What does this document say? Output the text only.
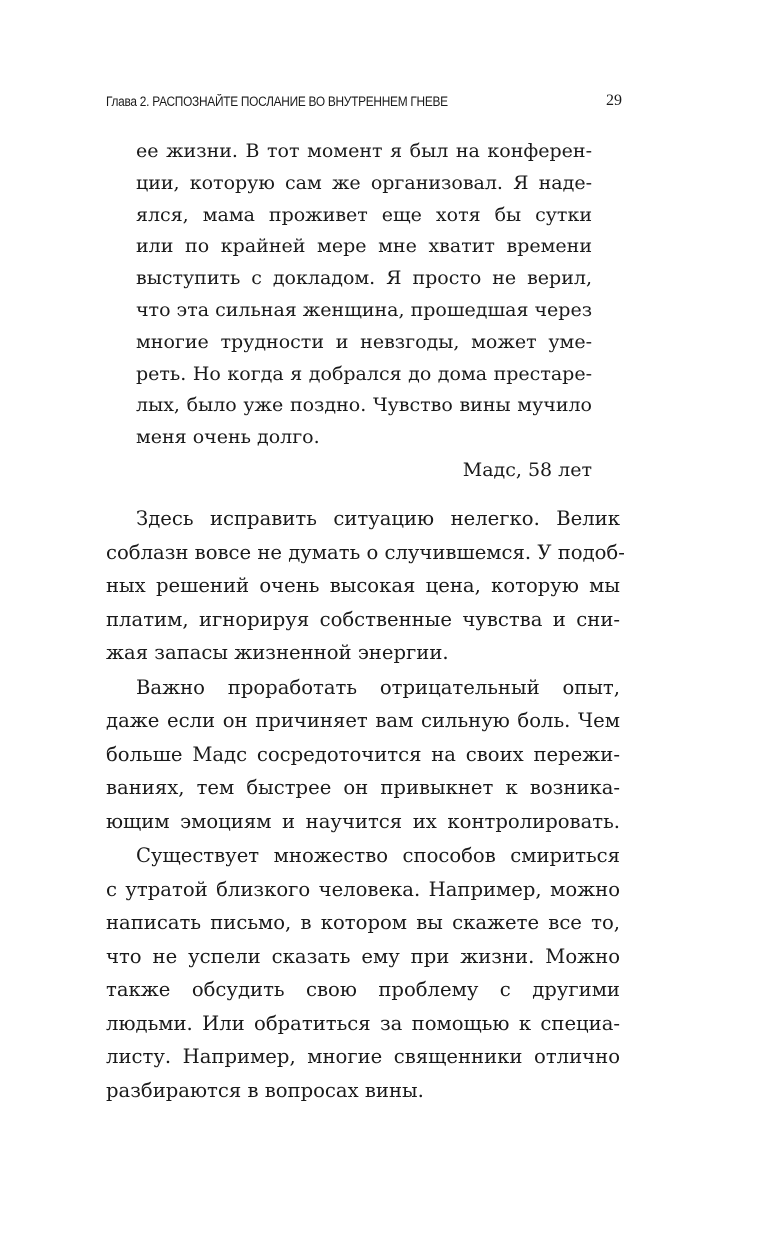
Глава 2. РАСПОЗНАЙТЕ ПОСЛАНИЕ ВО ВНУТРЕННЕМ ГНЕВЕ	29
ее жизни. В тот момент я был на конферен-
ции, которую сам же организовал. Я наде-
ялся, мама проживет еще хотя бы сутки
или по крайней мере мне хватит времени
выступить с докладом. Я просто не верил,
что эта сильная женщина, прошедшая через
многие трудности и невзгоды, может уме-
реть. Но когда я добрался до дома престаре-
лых, было уже поздно. Чувство вины мучило
меня очень долго.
Мадс, 58 лет
Здесь исправить ситуацию нелегко. Велик
соблазн вовсе не думать о случившемся. У подоб-
ных решений очень высокая цена, которую мы
платим, игнорируя собственные чувства и сни-
жая запасы жизненной энергии.
Важно проработать отрицательный опыт,
даже если он причиняет вам сильную боль. Чем
больше Мадс сосредоточится на своих пережи-
ваниях, тем быстрее он привыкнет к возника-
ющим эмоциям и научится их контролировать.
Существует множество способов смириться
с утратой близкого человека. Например, можно
написать письмо, в котором вы скажете все то,
что не успели сказать ему при жизни. Можно
также обсудить свою проблему с другими
людьми. Или обратиться за помощью к специа-
листу. Например, многие священники отлично
разбираются в вопросах вины.
